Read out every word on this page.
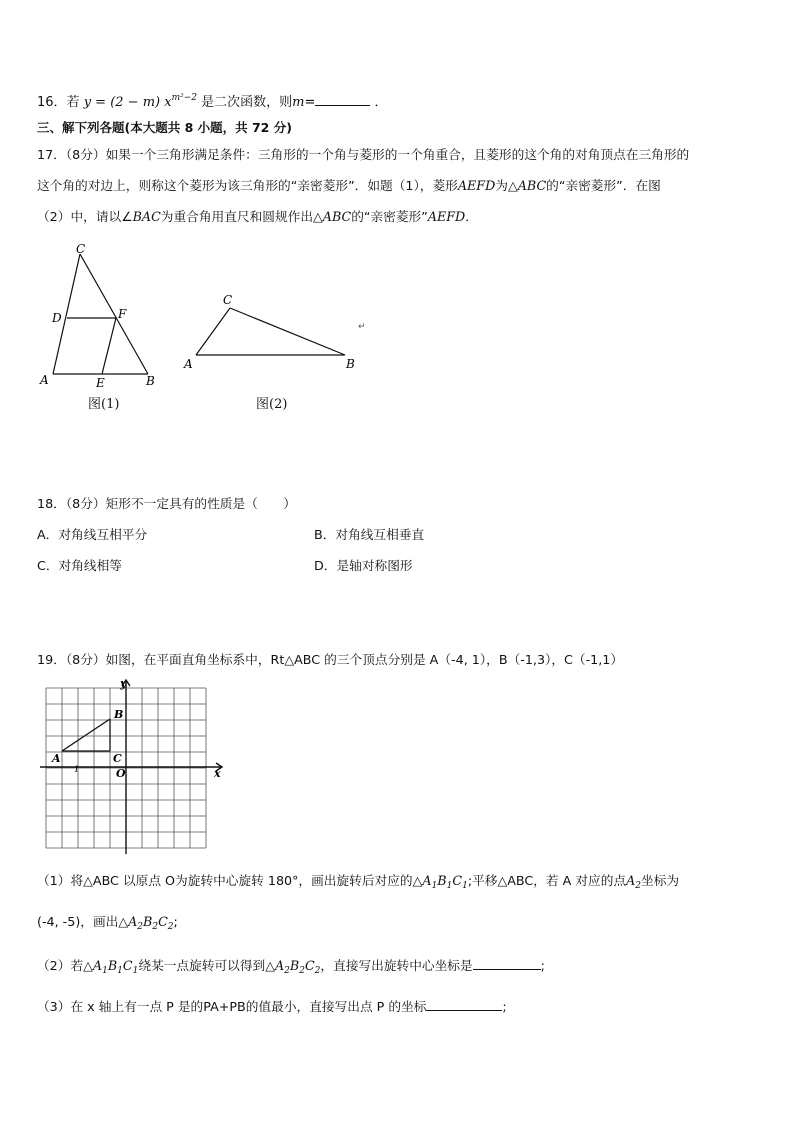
16．若 y = (2 − m) $x^{m^2-2}$ 是二次函数，则m=	．
三、解下列各题(本大题共 8 小题，共 72 分)
17．（8分）如果一个三角形满足条件：三角形的一个角与菱形的一个角重合，且菱形的这个角的对角顶点在三角形的
这个角的对边上，则称这个菱形为该三角形的“亲密菱形”．如题（1），菱形AEFD为△ABC的“亲密菱形”．在图
（2）中，请以∠BAC为重合角用直尺和圆规作出△ABC的“亲密菱形”AEFD．
C
D	F
A	E	B
图(1)
C
A	B
↵
图(2)
18．（8分）矩形不一定具有的性质是（　　）
A．对角线互相平分	B．对角线互相垂直
C．对角线相等	D．是轴对称图形
19．（8分）如图，在平面直角坐标系中，Rt△ABC 的三个顶点分别是 A（-4, 1），B（-1,3），C（-1,1）
y
x
B
A	C
O
1
（1）将△ABC 以原点 O为旋转中心旋转 180°，画出旋转后对应的$\triangle A_1B_1C_1$;平移△ABC，若 A 对应的点$A_2$坐标为
(-4, -5)，画出$\triangle A_2B_2C_2$;
（2）若$\triangle A_1B_1C_1$绕某一点旋转可以得到$\triangle A_2B_2C_2$，直接写出旋转中心坐标是	;
（3）在 x 轴上有一点 P 是的PA+PB的值最小，直接写出点 P 的坐标	;
